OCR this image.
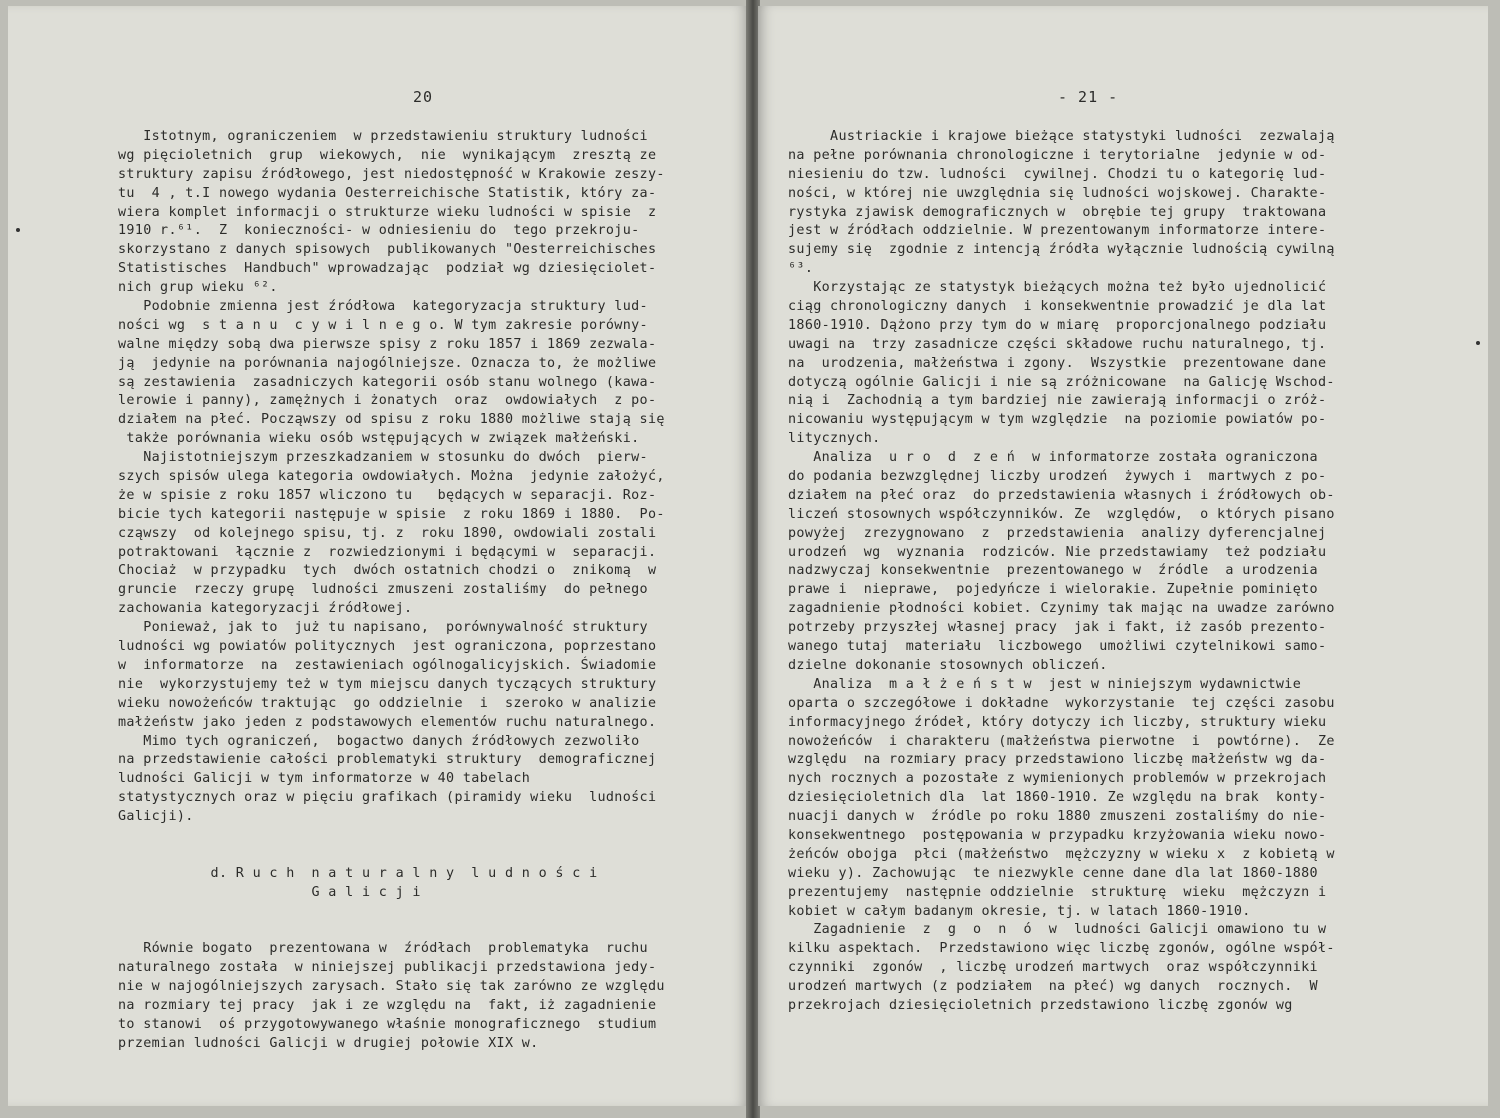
20
Istotnym, ograniczeniem  w przedstawieniu struktury ludności
wg pięcioletnich  grup  wiekowych,  nie  wynikającym  zresztą ze
struktury zapisu źródłowego, jest niedostępność w Krakowie zeszy-
tu  4 , t.I nowego wydania Oesterreichische Statistik, który za-
wiera komplet informacji o strukturze wieku ludności w spisie  z
1910 r.⁶¹.  Z  konieczności- w odniesieniu do  tego przekroju-
skorzystano z danych spisowych  publikowanych "Oesterreichisches
Statistisches  Handbuch" wprowadzając  podział wg dziesięciolet-
nich grup wieku ⁶².
Podobnie zmienna jest źródłowa  kategoryzacja struktury lud-
ności wg  s t a n u  c y w i l n e g o. W tym zakresie porówny-
walne między sobą dwa pierwsze spisy z roku 1857 i 1869 zezwala-
ją  jedynie na porównania najogólniejsze. Oznacza to, że możliwe
są zestawienia  zasadniczych kategorii osób stanu wolnego (kawa-
lerowie i panny), zamężnych i żonatych  oraz  owdowiałych  z po-
działem na płeć. Począwszy od spisu z roku 1880 możliwe stają się
także porównania wieku osób wstępujących w związek małżeński.
Najistotniejszym przeszkadzaniem w stosunku do dwóch  pierw-
szych spisów ulega kategoria owdowiałych. Można  jedynie założyć,
że w spisie z roku 1857 wliczono tu   będących w separacji. Roz-
bicie tych kategorii następuje w spisie  z roku 1869 i 1880.  Po-
cząwszy  od kolejnego spisu, tj. z  roku 1890, owdowiali zostali
potraktowani  łącznie z  rozwiedzionymi i będącymi w  separacji.
Chociaż  w przypadku  tych  dwóch ostatnich chodzi o  znikomą  w
gruncie  rzeczy grupę  ludności zmuszeni zostaliśmy  do pełnego
zachowania kategoryzacji źródłowej.
Ponieważ, jak to  już tu napisano,  porównywalność struktury
ludności wg powiatów politycznych  jest ograniczona, poprzestano
w  informatorze  na  zestawieniach ogólnogalicyjskich. Świadomie
nie  wykorzystujemy też w tym miejscu danych tyczących struktury
wieku nowożeńców traktując  go oddzielnie  i  szeroko w analizie
małżeństw jako jeden z podstawowych elementów ruchu naturalnego.
Mimo tych ograniczeń,  bogactwo danych źródłowych zezwoliło
na przedstawienie całości problematyki struktury  demograficznej
ludności Galicji w tym informatorze w 40 tabelach
statystycznych oraz w pięciu grafikach (piramidy wieku  ludności
Galicji).
d. R u c h  n a t u r a l n y  l u d n o ś c i
G a l i c j i
Równie bogato  prezentowana w  źródłach  problematyka  ruchu
naturalnego została  w niniejszej publikacji przedstawiona jedy-
nie w najogólniejszych zarysach. Stało się tak zarówno ze względu
na rozmiary tej pracy  jak i ze względu na  fakt, iż zagadnienie
to stanowi  oś przygotowywanego właśnie monograficznego  studium
przemian ludności Galicji w drugiej połowie XIX w.
- 21 -
Austriackie i krajowe bieżące statystyki ludności  zezwalają
na pełne porównania chronologiczne i terytorialne  jedynie w od-
niesieniu do tzw. ludności  cywilnej. Chodzi tu o kategorię lud-
ności, w której nie uwzględnia się ludności wojskowej. Charakte-
rystyka zjawisk demograficznych w  obrębie tej grupy  traktowana
jest w źródłach oddzielnie. W prezentowanym informatorze intere-
sujemy się  zgodnie z intencją źródła wyłącznie ludnością cywilną
⁶³.
Korzystając ze statystyk bieżących można też było ujednolicić
ciąg chronologiczny danych  i konsekwentnie prowadzić je dla lat
1860-1910. Dążono przy tym do w miarę  proporcjonalnego podziału
uwagi na  trzy zasadnicze części składowe ruchu naturalnego, tj.
na  urodzenia, małżeństwa i zgony.  Wszystkie  prezentowane dane
dotyczą ogólnie Galicji i nie są zróżnicowane  na Galicję Wschod-
nią i  Zachodnią a tym bardziej nie zawierają informacji o zróż-
nicowaniu występującym w tym względzie  na poziomie powiatów po-
litycznych.
Analiza  u r o  d  z e ń  w informatorze została ograniczona
do podania bezwzględnej liczby urodzeń  żywych i  martwych z po-
działem na płeć oraz  do przedstawienia własnych i źródłowych ob-
liczeń stosownych współczynników. Ze  względów,  o których pisano
powyżej  zrezygnowano  z  przedstawienia  analizy dyferencjalnej
urodzeń  wg  wyznania  rodziców. Nie przedstawiamy  też podziału
nadzwyczaj konsekwentnie  prezentowanego w  źródle  a urodzenia
prawe i  nieprawe,  pojedyńcze i wielorakie. Zupełnie pominięto
zagadnienie płodności kobiet. Czynimy tak mając na uwadze zarówno
potrzeby przyszłej własnej pracy  jak i fakt, iż zasób prezento-
wanego tutaj  materiału  liczbowego  umożliwi czytelnikowi samo-
dzielne dokonanie stosownych obliczeń.
Analiza  m a ł ż e ń s t w  jest w niniejszym wydawnictwie
oparta o szczegółowe i dokładne  wykorzystanie  tej części zasobu
informacyjnego źródeł, który dotyczy ich liczby, struktury wieku
nowożeńców  i charakteru (małżeństwa pierwotne  i  powtórne).  Ze
względu  na rozmiary pracy przedstawiono liczbę małżeństw wg da-
nych rocznych a pozostałe z wymienionych problemów w przekrojach
dziesięcioletnich dla  lat 1860-1910. Ze względu na brak  konty-
nuacji danych w  źródle po roku 1880 zmuszeni zostaliśmy do nie-
konsekwentnego  postępowania w przypadku krzyżowania wieku nowo-
żeńców obojga  płci (małżeństwo  mężczyzny w wieku x  z kobietą w
wieku y). Zachowując  te niezwykle cenne dane dla lat 1860-1880
prezentujemy  następnie oddzielnie  strukturę  wieku  mężczyzn i
kobiet w całym badanym okresie, tj. w latach 1860-1910.
Zagadnienie  z  g  o  n  ó  w  ludności Galicji omawiono tu w
kilku aspektach.  Przedstawiono więc liczbę zgonów, ogólne współ-
czynniki  zgonów  , liczbę urodzeń martwych  oraz współczynniki
urodzeń martwych (z podziałem  na płeć) wg danych  rocznych.  W
przekrojach dziesięcioletnich przedstawiono liczbę zgonów wg
